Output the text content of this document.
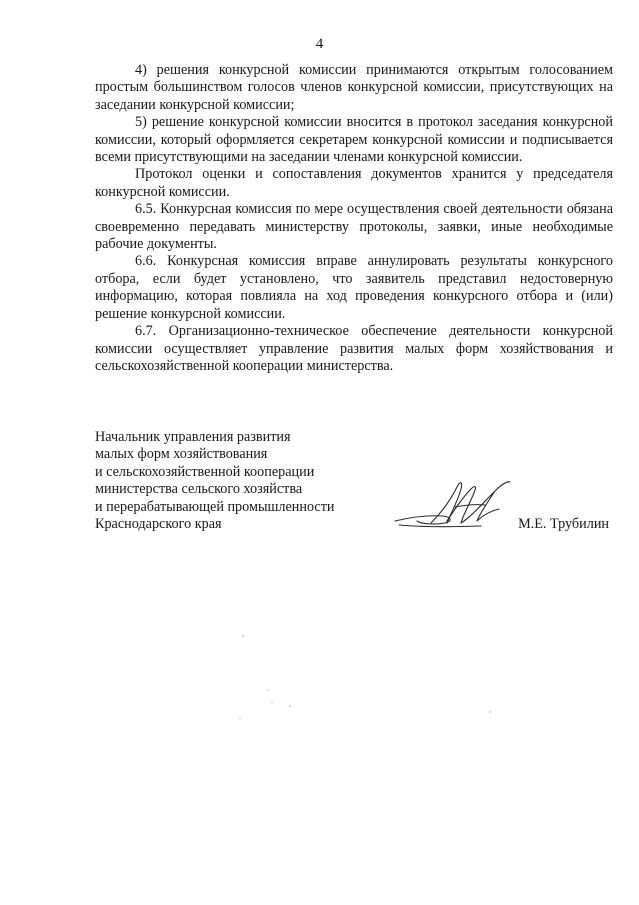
4

4) решения конкурсной комиссии принимаются открытым голосованием простым большинством голосов членов конкурсной комиссии, присутствующих на заседании конкурсной комиссии;

5) решение конкурсной комиссии вносится в протокол заседания конкурсной комиссии, который оформляется секретарем конкурсной комиссии и подписывается всеми присутствующими на заседании членами конкурсной комиссии.

Протокол оценки и сопоставления документов хранится у председателя конкурсной комиссии.

6.5. Конкурсная комиссия по мере осуществления своей деятельности обязана своевременно передавать министерству протоколы, заявки, иные необходимые рабочие документы.

6.6. Конкурсная комиссия вправе аннулировать результаты конкурсного отбора, если будет установлено, что заявитель представил недостоверную информацию, которая повлияла на ход проведения конкурсного отбора и (или) решение конкурсной комиссии.

6.7. Организационно-техническое обеспечение деятельности конкурсной комиссии осуществляет управление развития малых форм хозяйствования и сельскохозяйственной кооперации министерства.

Начальник управления развития
малых форм хозяйствования
и сельскохозяйственной кооперации
министерства сельского хозяйства
и перерабатывающей промышленности
Краснодарского края	М.Е. Трубилин
